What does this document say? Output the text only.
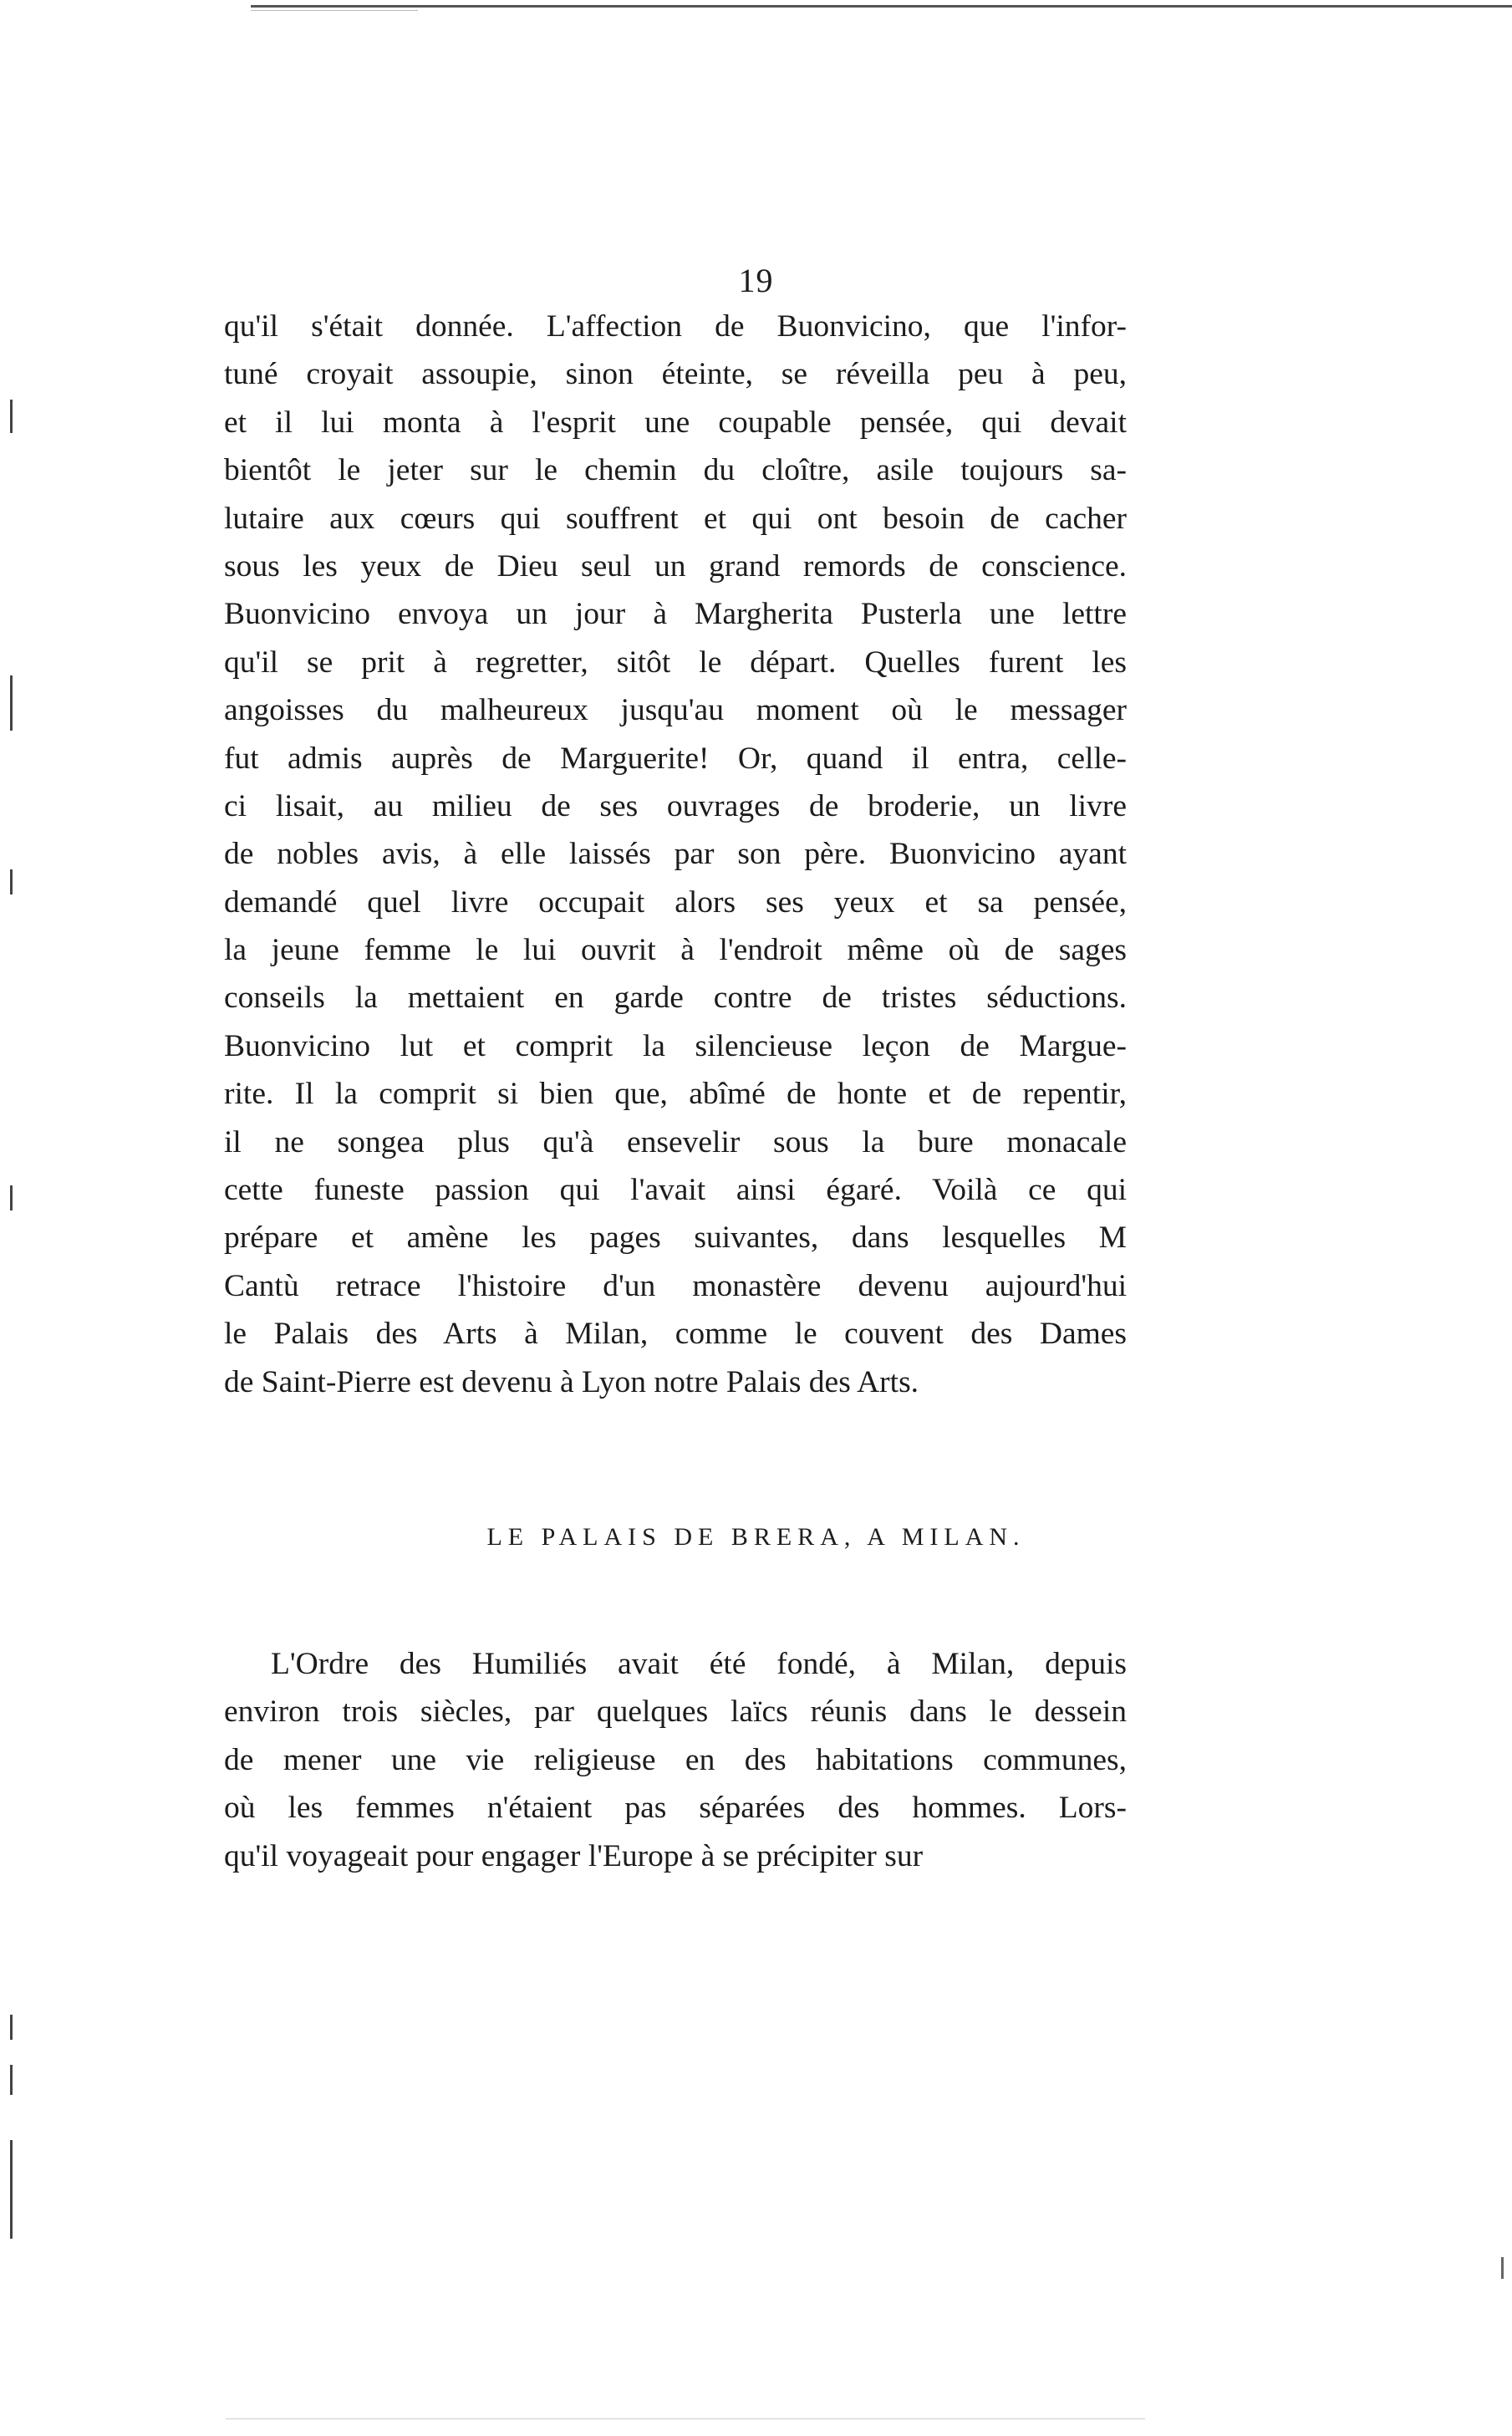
19
qu'il s'était donnée. L'affection de Buonvicino, que l'infor-
tuné croyait assoupie, sinon éteinte, se réveilla peu à peu,
et il lui monta à l'esprit une coupable pensée, qui devait
bientôt le jeter sur le chemin du cloître, asile toujours sa-
lutaire aux cœurs qui souffrent et qui ont besoin de cacher
sous les yeux de Dieu seul un grand remords de conscience.
Buonvicino envoya un jour à Margherita Pusterla une lettre
qu'il se prit à regretter, sitôt le départ. Quelles furent les
angoisses du malheureux jusqu'au moment où le messager
fut admis auprès de Marguerite! Or, quand il entra, celle-
ci lisait, au milieu de ses ouvrages de broderie, un livre
de nobles avis, à elle laissés par son père. Buonvicino ayant
demandé quel livre occupait alors ses yeux et sa pensée,
la jeune femme le lui ouvrit à l'endroit même où de sages
conseils la mettaient en garde contre de tristes séductions.
Buonvicino lut et comprit la silencieuse leçon de Margue-
rite. Il la comprit si bien que, abîmé de honte et de repentir,
il ne songea plus qu'à ensevelir sous la bure monacale
cette funeste passion qui l'avait ainsi égaré. Voilà ce qui
prépare et amène les pages suivantes, dans lesquelles M
Cantù retrace l'histoire d'un monastère devenu aujourd'hui
le Palais des Arts à Milan, comme le couvent des Dames
de Saint-Pierre est devenu à Lyon notre Palais des Arts.
LE PALAIS DE BRERA, A MILAN.
L'Ordre des Humiliés avait été fondé, à Milan, depuis
environ trois siècles, par quelques laïcs réunis dans le dessein
de mener une vie religieuse en des habitations communes,
où les femmes n'étaient pas séparées des hommes. Lors-
qu'il voyageait pour engager l'Europe à se précipiter sur
